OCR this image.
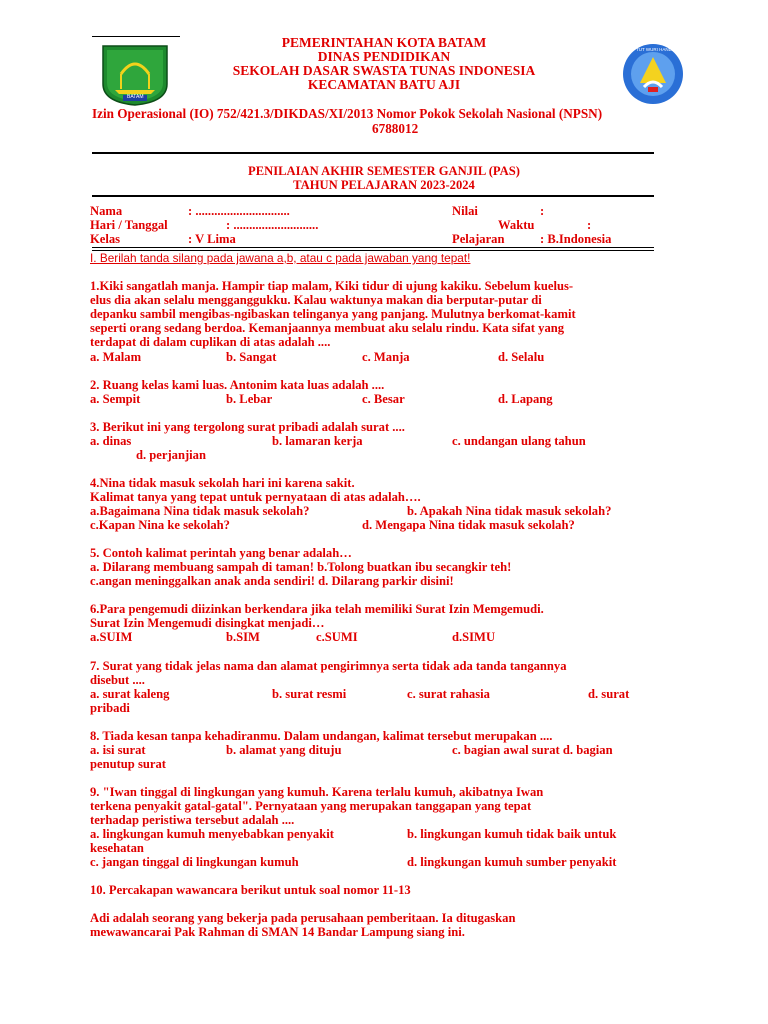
BATAM
TUT WURI HANDAYANI
PEMERINTAHAN KOTA BATAM
DINAS PENDIDIKAN
SEKOLAH DASAR SWASTA TUNAS INDONESIA
KECAMATAN BATU AJI
Izin Operasional (IO) 752/421.3/DIKDAS/XI/2013 Nomor Pokok Sekolah Nasional (NPSN)
6788012
PENILAIAN AKHIR SEMESTER GANJIL (PAS)
TAHUN PELAJARAN 2023-2024
Nama	: ..............................	Nilai	:
Hari / Tanggal	: ...........................	Waktu	:
Kelas	: V Lima	Pelajaran	: B.Indonesia
I. Berilah tanda silang pada jawana a,b, atau c pada jawaban yang tepat!
1.Kiki sangatlah manja. Hampir tiap malam, Kiki tidur di ujung kakiku. Sebelum kuelus-
elus dia akan selalu mengganggukku. Kalau waktunya makan dia berputar-putar di
depanku sambil mengibas-ngibaskan telinganya yang panjang. Mulutnya berkomat-kamit
seperti orang sedang berdoa. Kemanjaannya membuat aku selalu rindu. Kata sifat yang
terdapat di dalam cuplikan di atas adalah ....
a. Malam	b. Sangat	c. Manja	d. Selalu
2. Ruang kelas kami luas. Antonim kata luas adalah ....
a. Sempit	b. Lebar	c. Besar	d. Lapang
3. Berikut ini yang tergolong surat pribadi adalah surat ....
a. dinas	b. lamaran kerja	c. undangan ulang tahun
d. perjanjian
4.Nina tidak masuk sekolah hari ini karena sakit.
Kalimat tanya yang tepat untuk pernyataan di atas adalah….
a.Bagaimana Nina tidak masuk sekolah?	b. Apakah Nina tidak masuk sekolah?
c.Kapan Nina ke sekolah?	d. Mengapa Nina tidak masuk sekolah?
5. Contoh kalimat perintah yang benar adalah…
a. Dilarang membuang sampah di taman! b.Tolong buatkan ibu secangkir teh!
c.angan meninggalkan anak anda sendiri! d. Dilarang parkir disini!
6.Para pengemudi diizinkan berkendara jika telah memiliki Surat Izin Memgemudi.
Surat Izin Mengemudi disingkat menjadi…
a.SUIM	b.SIM	c.SUMI	d.SIMU
7. Surat yang tidak jelas nama dan alamat pengirimnya serta tidak ada tanda tangannya
disebut ....
a. surat kaleng	b. surat resmi	c. surat rahasia	d. surat
pribadi
8. Tiada kesan tanpa kehadiranmu. Dalam undangan, kalimat tersebut merupakan ....
a. isi surat	b. alamat yang dituju	c. bagian awal surat d. bagian
penutup surat
9. "Iwan tinggal di lingkungan yang kumuh. Karena terlalu kumuh, akibatnya Iwan
terkena penyakit gatal-gatal". Pernyataan yang merupakan tanggapan yang tepat
terhadap peristiwa tersebut adalah ....
a. lingkungan kumuh menyebabkan penyakit	b. lingkungan kumuh tidak baik untuk
kesehatan
c. jangan tinggal di lingkungan kumuh	d. lingkungan kumuh sumber penyakit
10. Percakapan wawancara berikut untuk soal nomor 11-13
Adi adalah seorang yang bekerja pada perusahaan pemberitaan. Ia ditugaskan
mewawancarai Pak Rahman di SMAN 14 Bandar Lampung siang ini.
